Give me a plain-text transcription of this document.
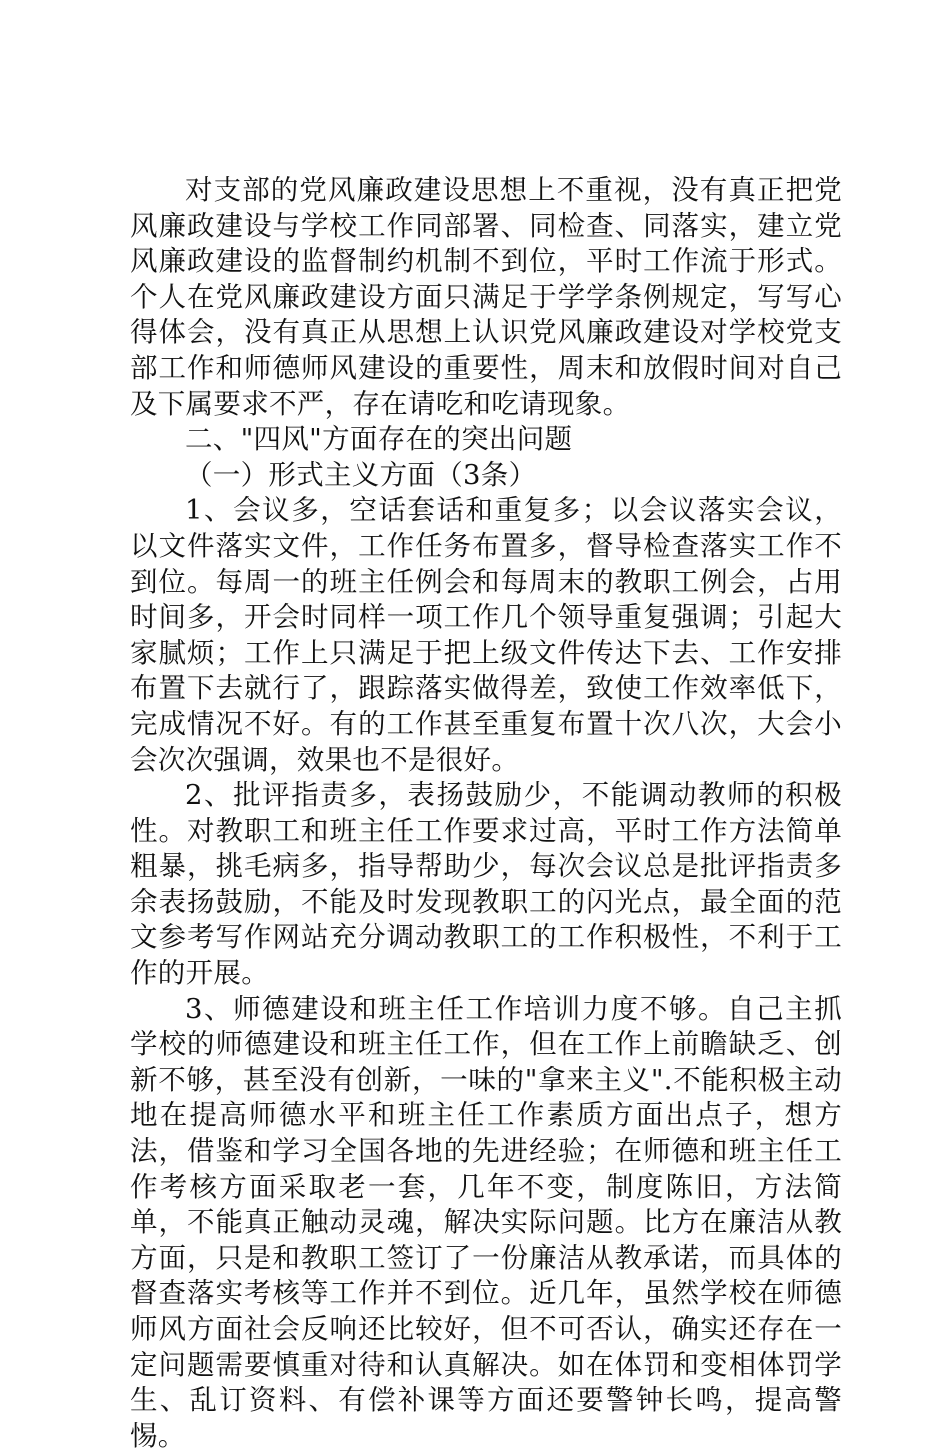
对支部的党风廉政建设思想上不重视，没有真正把党风廉政建设与学校工作同部署、同检查、同落实，建立党风廉政建设的监督制约机制不到位，平时工作流于形式。个人在党风廉政建设方面只满足于学学条例规定，写写心得体会，没有真正从思想上认识党风廉政建设对学校党支部工作和师德师风建设的重要性，周末和放假时间对自己及下属要求不严，存在请吃和吃请现象。

二、"四风"方面存在的突出问题

（一）形式主义方面（3条）

1、会议多，空话套话和重复多；以会议落实会议，以文件落实文件，工作任务布置多，督导检查落实工作不到位。每周一的班主任例会和每周末的教职工例会，占用时间多，开会时同样一项工作几个领导重复强调；引起大家腻烦；工作上只满足于把上级文件传达下去、工作安排布置下去就行了，跟踪落实做得差，致使工作效率低下，完成情况不好。有的工作甚至重复布置十次八次，大会小会次次强调，效果也不是很好。

2、批评指责多，表扬鼓励少，不能调动教师的积极性。对教职工和班主任工作要求过高，平时工作方法简单粗暴，挑毛病多，指导帮助少，每次会议总是批评指责多余表扬鼓励，不能及时发现教职工的闪光点，最全面的范文参考写作网站充分调动教职工的工作积极性，不利于工作的开展。

3、师德建设和班主任工作培训力度不够。自己主抓学校的师德建设和班主任工作，但在工作上前瞻缺乏、创新不够，甚至没有创新，一味的"拿来主义".不能积极主动地在提高师德水平和班主任工作素质方面出点子，想方法，借鉴和学习全国各地的先进经验；在师德和班主任工作考核方面采取老一套，几年不变，制度陈旧，方法简单，不能真正触动灵魂，解决实际问题。比方在廉洁从教方面，只是和教职工签订了一份廉洁从教承诺，而具体的督查落实考核等工作并不到位。近几年，虽然学校在师德师风方面社会反响还比较好，但不可否认，确实还存在一定问题需要慎重对待和认真解决。如在体罚和变相体罚学生、乱订资料、有偿补课等方面还要警钟长鸣，提高警惕。
